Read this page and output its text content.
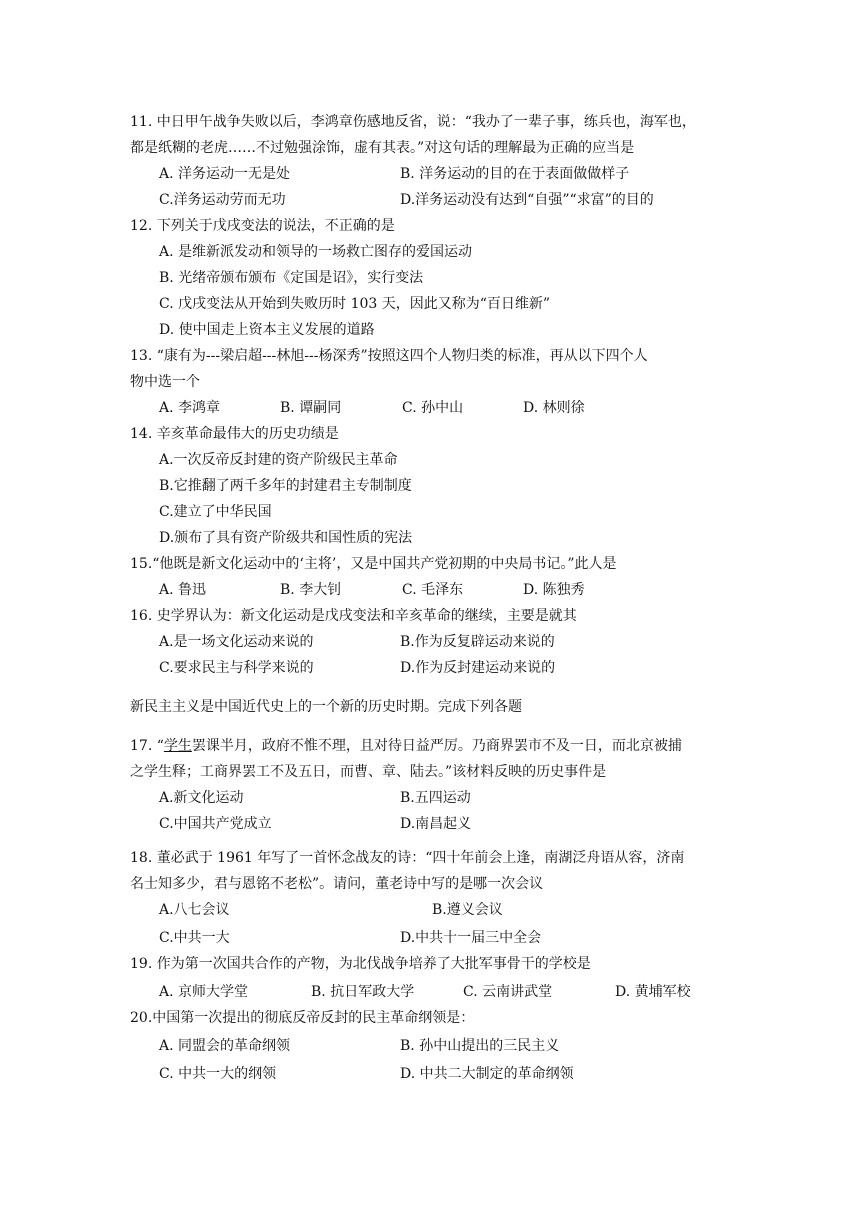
11. 中日甲午战争失败以后，李鸿章伤感地反省，说：“我办了一辈子事，练兵也，海军也，
都是纸糊的老虎……不过勉强涂饰，虚有其表。”对这句话的理解最为正确的应当是
A. 洋务运动一无是处	B. 洋务运动的目的在于表面做做样子
C.洋务运动劳而无功	D.洋务运动没有达到“自强”“求富”的目的
12. 下列关于戊戌变法的说法，不正确的是
A. 是维新派发动和领导的一场救亡图存的爱国运动
B. 光绪帝颁布颁布《定国是诏》，实行变法
C. 戊戌变法从开始到失败历时 103 天，因此又称为“百日维新”
D. 使中国走上资本主义发展的道路
13. “康有为---梁启超---林旭---杨深秀”按照这四个人物归类的标准，再从以下四个人
物中选一个
A. 李鸿章	B. 谭嗣同	C. 孙中山	D. 林则徐
14. 辛亥革命最伟大的历史功绩是
A.一次反帝反封建的资产阶级民主革命
B.它推翻了两千多年的封建君主专制制度
C.建立了中华民国
D.颁布了具有资产阶级共和国性质的宪法
15.“他既是新文化运动中的‘主将’，又是中国共产党初期的中央局书记。”此人是
A. 鲁迅	B. 李大钊	C. 毛泽东	D. 陈独秀
16. 史学界认为：新文化运动是戊戌变法和辛亥革命的继续，主要是就其
A.是一场文化运动来说的	B.作为反复辟运动来说的
C.要求民主与科学来说的	D.作为反封建运动来说的
新民主主义是中国近代史上的一个新的历史时期。完成下列各题
17. “学生罢课半月，政府不惟不理，且对待日益严厉。乃商界罢市不及一日，而北京被捕
之学生释；工商界罢工不及五日，而曹、章、陆去。”该材料反映的历史事件是
A.新文化运动	B.五四运动
C.中国共产党成立	D.南昌起义
18. 董必武于 1961 年写了一首怀念战友的诗：“四十年前会上逢，南湖泛舟语从容，济南
名士知多少，君与恩铭不老松”。请问，董老诗中写的是哪一次会议
A.八七会议	B.遵义会议
C.中共一大	D.中共十一届三中全会
19. 作为第一次国共合作的产物，为北伐战争培养了大批军事骨干的学校是
A. 京师大学堂	B. 抗日军政大学	C. 云南讲武堂	D. 黄埔军校
20.中国第一次提出的彻底反帝反封的民主革命纲领是：
A. 同盟会的革命纲领	B. 孙中山提出的三民主义
C. 中共一大的纲领	D. 中共二大制定的革命纲领
